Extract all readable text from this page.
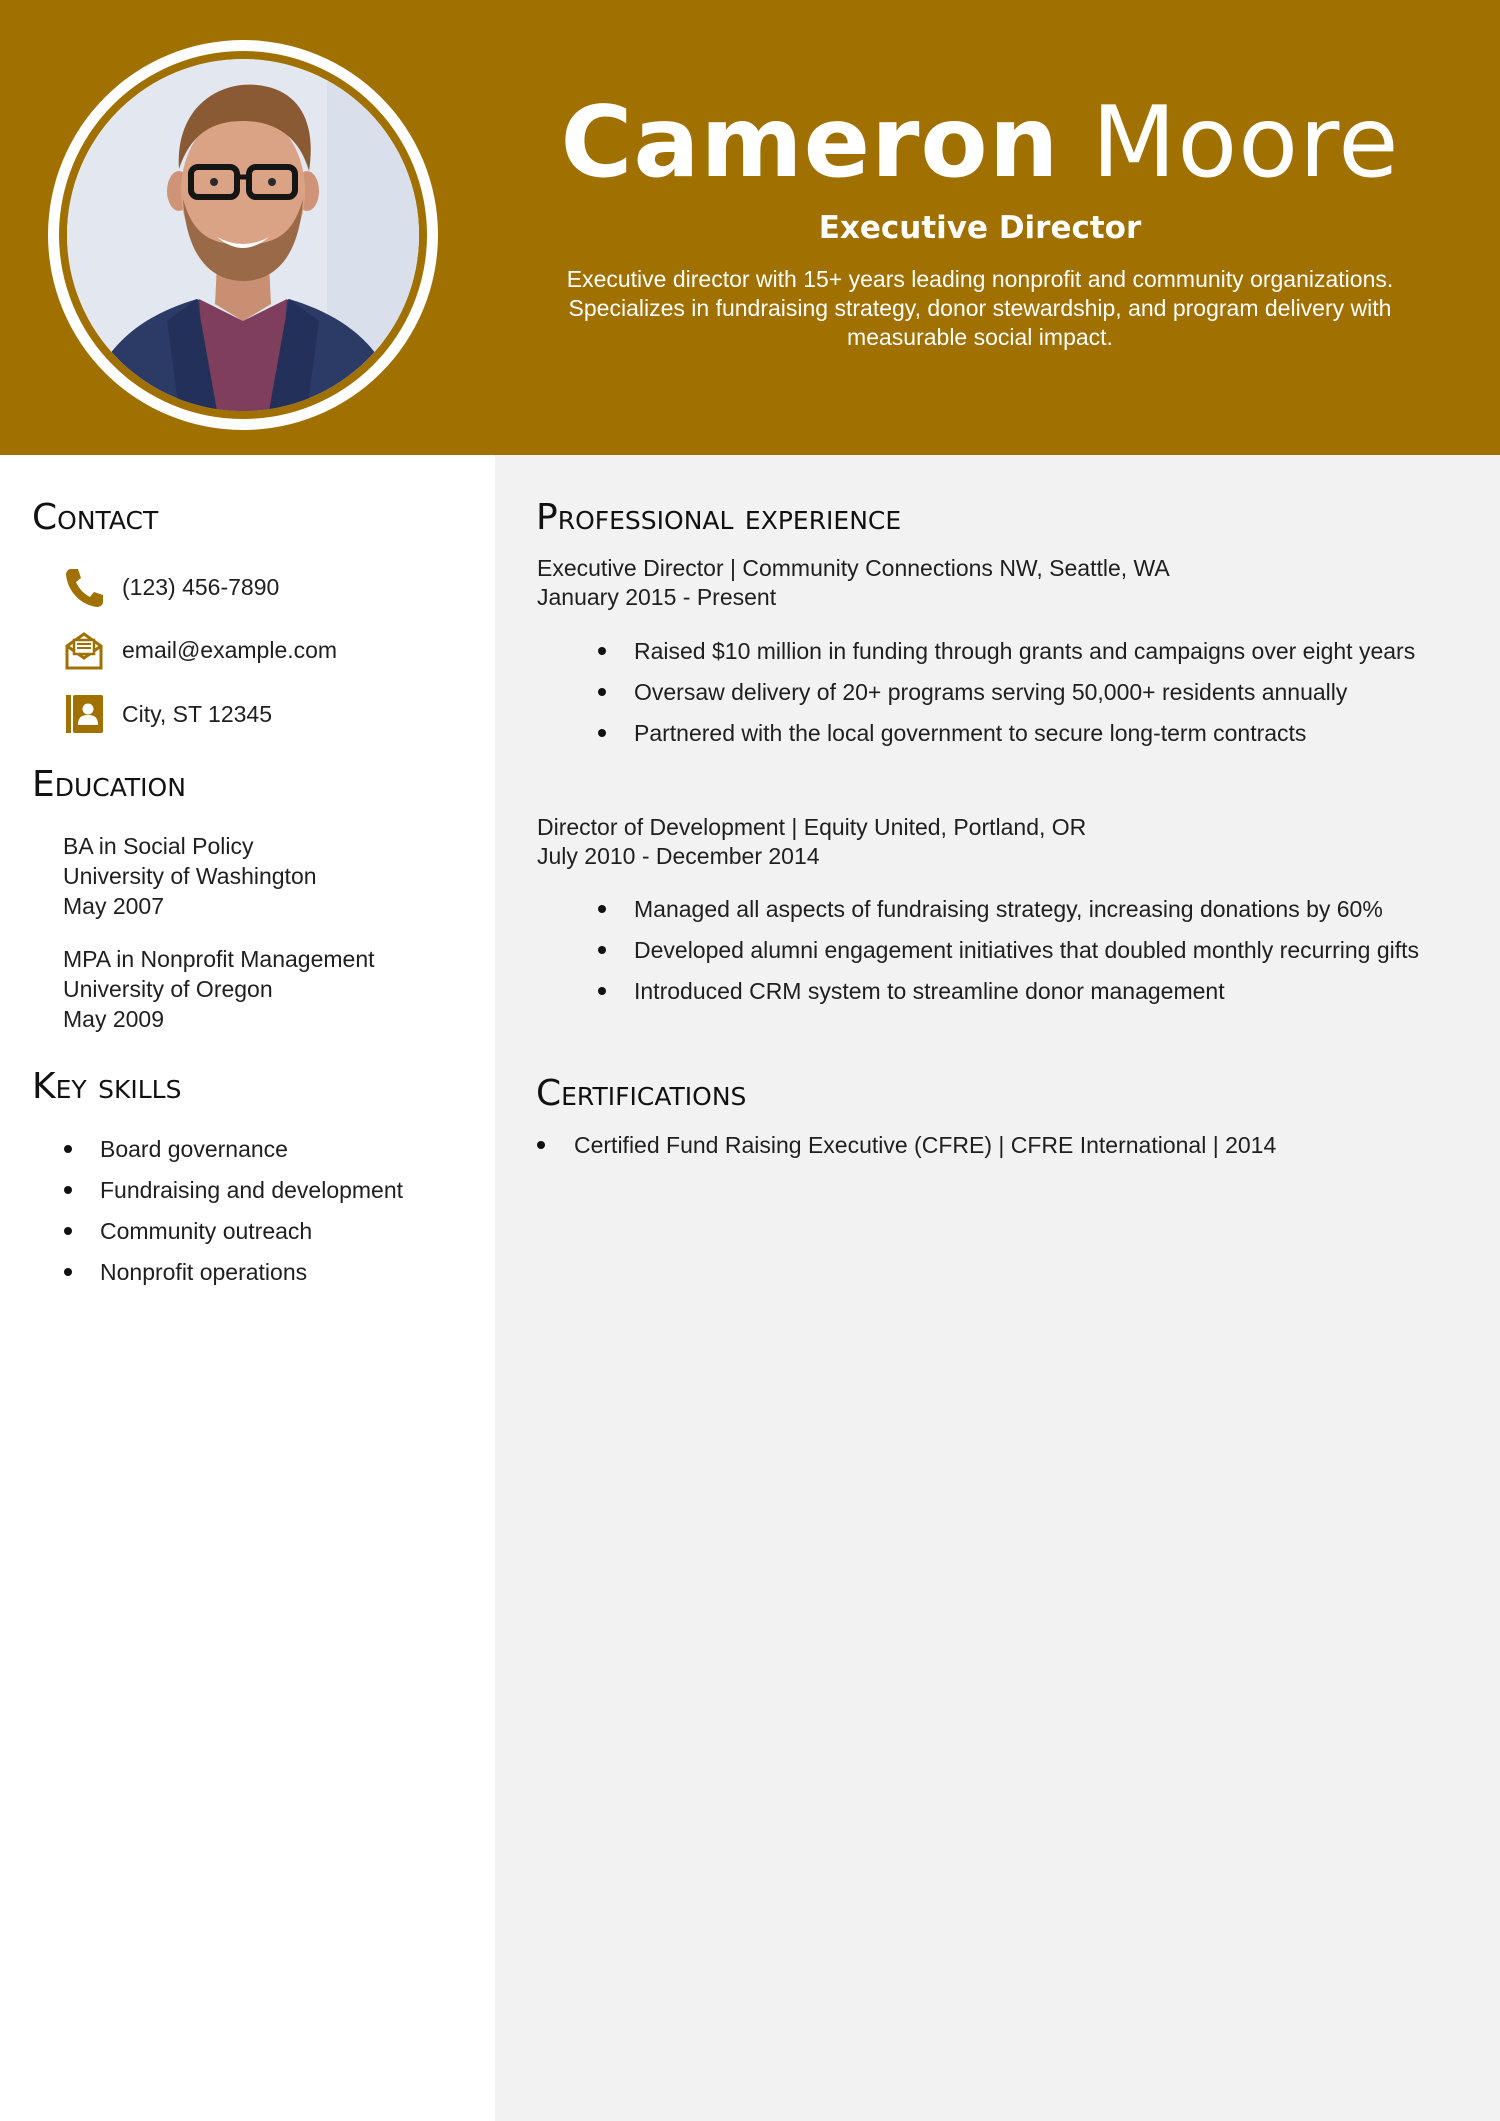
Cameron Moore
Executive Director
Executive director with 15+ years leading nonprofit and community organizations. Specializes in fundraising strategy, donor stewardship, and program delivery with measurable social impact.
Contact
(123) 456-7890
email@example.com
City, ST 12345
Education
BA in Social Policy
University of Washington
May 2007
MPA in Nonprofit Management
University of Oregon
May 2009
Key skills
Board governance
Fundraising and development
Community outreach
Nonprofit operations
Professional experience
Executive Director | Community Connections NW, Seattle, WA
January 2015 - Present
Raised $10 million in funding through grants and campaigns over eight years
Oversaw delivery of 20+ programs serving 50,000+ residents annually
Partnered with the local government to secure long-term contracts
Director of Development | Equity United, Portland, OR
July 2010 - December 2014
Managed all aspects of fundraising strategy, increasing donations by 60%
Developed alumni engagement initiatives that doubled monthly recurring gifts
Introduced CRM system to streamline donor management
Certifications
Certified Fund Raising Executive (CFRE) | CFRE International | 2014
